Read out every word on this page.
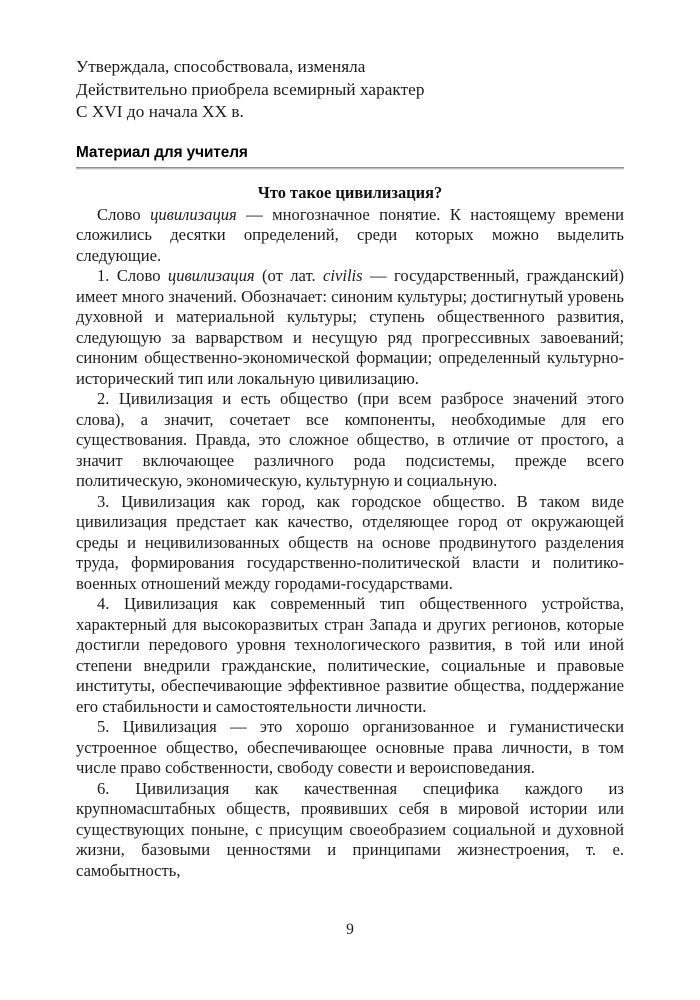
Утверждала, способствовала, изменяла
Действительно приобрела всемирный характер
С XVI до начала XX в.
Материал для учителя
Что такое цивилизация?

Слово цивилизация — многозначное понятие. К настоящему времени сложились десятки определений, среди которых можно выделить следующие.

1. Слово цивилизация (от лат. civilis — государственный, гражданский) имеет много значений. Обозначает: синоним культуры; достигнутый уровень духовной и материальной культуры; ступень общественного развития, следующую за варварством и несущую ряд прогрессивных завоеваний; синоним общественно-экономической формации; определенный культурно-исторический тип или локальную цивилизацию.

2. Цивилизация и есть общество (при всем разбросе значений этого слова), а значит, сочетает все компоненты, необходимые для его существования. Правда, это сложное общество, в отличие от простого, а значит включающее различного рода подсистемы, прежде всего политическую, экономическую, культурную и социальную.

3. Цивилизация как город, как городское общество. В таком виде цивилизация предстает как качество, отделяющее город от окружающей среды и нецивилизованных обществ на основе продвинутого разделения труда, формирования государственно-политической власти и политико-военных отношений между городами-государствами.

4. Цивилизация как современный тип общественного устройства, характерный для высокоразвитых стран Запада и других регионов, которые достигли передового уровня технологического развития, в той или иной степени внедрили гражданские, политические, социальные и правовые институты, обеспечивающие эффективное развитие общества, поддержание его стабильности и самостоятельности личности.

5. Цивилизация — это хорошо организованное и гуманистически устроенное общество, обеспечивающее основные права личности, в том числе право собственности, свободу совести и вероисповедания.

6. Цивилизация как качественная специфика каждого из крупномасштабных обществ, проявивших себя в мировой истории или существующих поныне, с присущим своеобразием социальной и духовной жизни, базовыми ценностями и принципами жизнестроения, т. е. самобытность,

9
